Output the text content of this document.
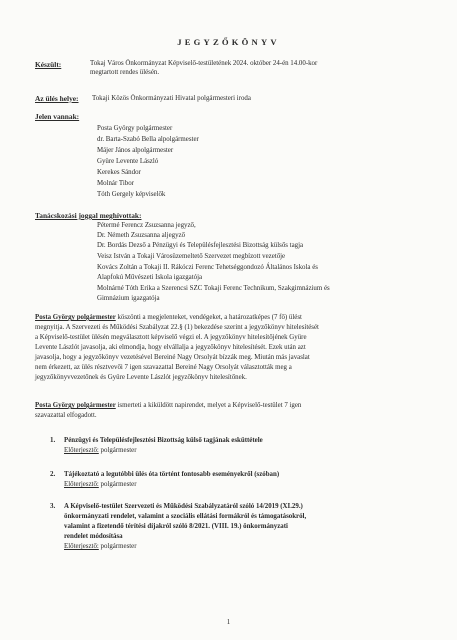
JEGYZŐKÖNYV
Készült:	Tokaj Város Önkormányzat Képviselő-testületének 2024. október 24-én 14.00-kor
megtartott rendes ülésén.
Az ülés helye: Tokaji Közös Önkormányzati Hivatal polgármesteri iroda
Jelen vannak:
Posta György polgármester
dr. Barta-Szabó Bella alpolgármester
Májer János alpolgármester
Gyüre Levente László
Kerekes Sándor
Molnár Tibor
Tóth Gergely képviselők
Tanácskozási joggal meghívottak:
Pétermé Ferencz Zsuzsanna jegyző,
Dr. Németh Zsuzsanna aljegyző
Dr. Bordás Dezső a Pénzügyi és Településfejlesztési Bizottság külsős tagja
Veisz István a Tokaji Városüzemeltető Szervezet megbízott vezetője
Kovács Zoltán a Tokaji II. Rákóczi Ferenc Tehetséggondozó Általános Iskola és
Alapfokú Művészeti Iskola igazgatója
Molnárné Tóth Erika a Szerencsi SZC Tokaji Ferenc Technikum, Szakgimnázium és
Gimnázium igazgatója
Posta György polgármester köszönti a megjelenteket, vendégeket, a határozatképes (7 fő) ülést
megnyitja. A Szervezeti és Működési Szabályzat 22.§ (1) bekezdése szerint a jegyzőkönyv hitelesítését
a Képviselő-testület ülésén megválasztott képviselő végzi el. A jegyzőkönyv hitelesítőjének Gyüre
Levente Lászlót javasolja, aki elmondja, hogy elvállalja a jegyzőkönyv hitelesítését. Ezek után azt
javasolja, hogy a jegyzőkönyv vezetésével Bereiné Nagy Orsolyát bízzák meg. Miután más javaslat
nem érkezett, az ülés résztvevői 7 igen szavazattal Bereiné Nagy Orsolyát választották meg a
jegyzőkönyvvezetőnek és Gyüre Levente Lászlót jegyzőkönyv hitelesítőnek.
Posta György polgármester ismerteti a kiküldött napirendet, melyet a Képviselő-testület 7 igen
szavazattal elfogadott.
1. Pénzügyi és Településfejlesztési Bizottság külső tagjának esküttétele
Előterjesztő: polgármester
2. Tájékoztató a legutóbbi ülés óta történt fontosabb eseményekről (szóban)
Előterjesztő: polgármester
3. A Képviselő-testület Szervezeti és Működési Szabályzatáról szóló 14/2019 (XI.29.)
önkormányzati rendelet, valamint a szociális ellátási formákról és támogatásokról,
valamint a fizetendő térítési díjakról szóló 8/2021. (VIII. 19.) önkormányzati
rendelet módosítása
Előterjesztő: polgármester
1
